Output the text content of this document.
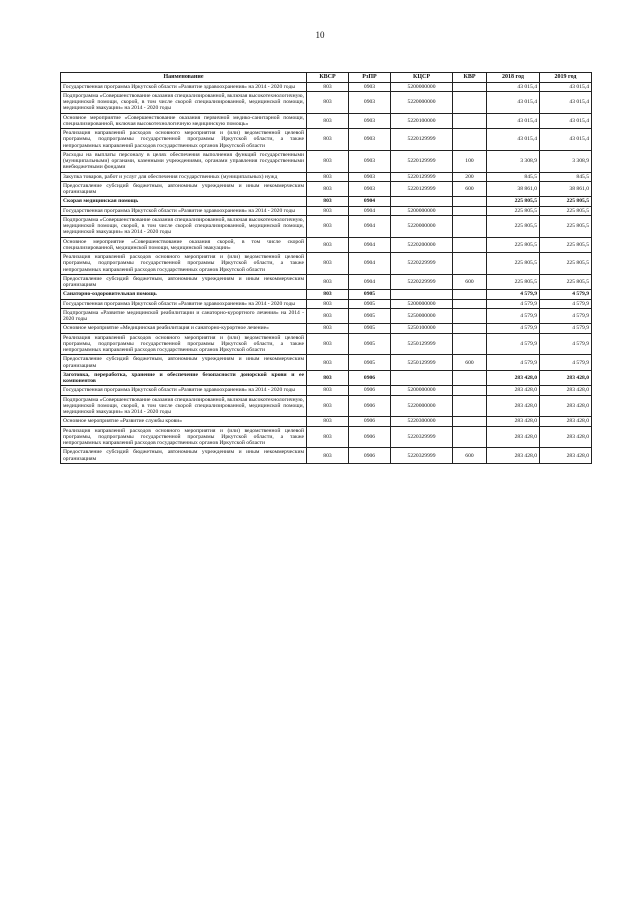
10
Наименование	КВСР	РзПР	КЦСР	КВР	2018 год	2019 год
Государственная программа Иркутской области «Развитие здравоохранения» на 2014 - 2020 годы	803	0903	5200000000		43 015,4	43 015,4
Подпрограмма «Совершенствование оказания специализированной, включая высокотехнологичную, медицинской помощи, скорой, в том числе скорой специализированной, медицинской помощи, медицинской эвакуации» на 2014 - 2020 годы	803	0903	5220000000		43 015,4	43 015,4
Основное мероприятие «Совершенствование оказания первичной медико-санитарной помощи, специализированной, включая высокотехнологичную медицинскую помощь»	803	0903	5220100000		43 015,4	43 015,4
Реализация направлений расходов основного мероприятия и (или) ведомственной целевой программы, подпрограммы государственной программы Иркутской области, а также непрограммных направлений расходов государственных органов Иркутской области	803	0903	5220129999		43 015,4	43 015,4
Расходы на выплаты персоналу в целях обеспечения выполнения функций государственными (муниципальными) органами, казенными учреждениями, органами управления государственными внебюджетными фондами	803	0903	5220129999	100	3 308,9	3 308,9
Закупка товаров, работ и услуг для обеспечения государственных (муниципальных) нужд	803	0903	5220129999	200	845,5	845,5
Предоставление субсидий бюджетным, автономным учреждениям и иным некоммерческим организациям	803	0903	5220129999	600	38 861,0	38 861,0
Скорая медицинская помощь	803	0904			225 805,5	225 805,5
Государственная программа Иркутской области «Развитие здравоохранения» на 2014 - 2020 годы	803	0904	5200000000		225 805,5	225 805,5
Подпрограмма «Совершенствование оказания специализированной, включая высокотехнологичную, медицинской помощи, скорой, в том числе скорой специализированной, медицинской помощи, медицинской эвакуации» на 2014 - 2020 годы	803	0904	5220000000		225 805,5	225 805,5
Основное мероприятие «Совершенствование оказания скорой, в том числе скорой специализированной, медицинской помощи, медицинской эвакуации»	803	0904	5220200000		225 805,5	225 805,5
Реализация направлений расходов основного мероприятия и (или) ведомственной целевой программы, подпрограммы государственной программы Иркутской области, а также непрограммных направлений расходов государственных органов Иркутской области	803	0904	5220229999		225 805,5	225 805,5
Предоставление субсидий бюджетным, автономным учреждениям и иным некоммерческим организациям	803	0904	5220229999	600	225 805,5	225 805,5
Санаторно-оздоровительная помощь	803	0905			4 579,9	4 579,9
Государственная программа Иркутской области «Развитие здравоохранения» на 2014 - 2020 годы	803	0905	5200000000		4 579,9	4 579,9
Подпрограмма «Развитие медицинской реабилитации и санаторно-курортного лечения» на 2014 - 2020 годы	803	0905	5250000000		4 579,9	4 579,9
Основное мероприятие «Медицинская реабилитация и санаторно-курортное лечение»	803	0905	5250100000		4 579,9	4 579,9
Реализация направлений расходов основного мероприятия и (или) ведомственной целевой программы, подпрограммы государственной программы Иркутской области, а также непрограммных направлений расходов государственных органов Иркутской области	803	0905	5250129999		4 579,9	4 579,9
Предоставление субсидий бюджетным, автономным учреждениям и иным некоммерческим организациям	803	0905	5250129999	600	4 579,9	4 579,9
Заготовка, переработка, хранение и обеспечение безопасности донорской крови и ее компонентов	803	0906			283 428,0	283 428,0
Государственная программа Иркутской области «Развитие здравоохранения» на 2014 - 2020 годы	803	0906	5200000000		283 428,0	283 428,0
Подпрограмма «Совершенствование оказания специализированной, включая высокотехнологичную, медицинской помощи, скорой, в том числе скорой специализированной, медицинской помощи, медицинской эвакуации» на 2014 - 2020 годы	803	0906	5220000000		283 428,0	283 428,0
Основное мероприятие «Развитие службы крови»	803	0906	5220300000		283 428,0	283 428,0
Реализация направлений расходов основного мероприятия и (или) ведомственной целевой программы, подпрограммы государственной программы Иркутской области, а также непрограммных направлений расходов государственных органов Иркутской области	803	0906	5220329999		283 428,0	283 428,0
Предоставление субсидий бюджетным, автономным учреждениям и иным некоммерческим организациям	803	0906	5220329999	600	283 428,0	283 428,0
